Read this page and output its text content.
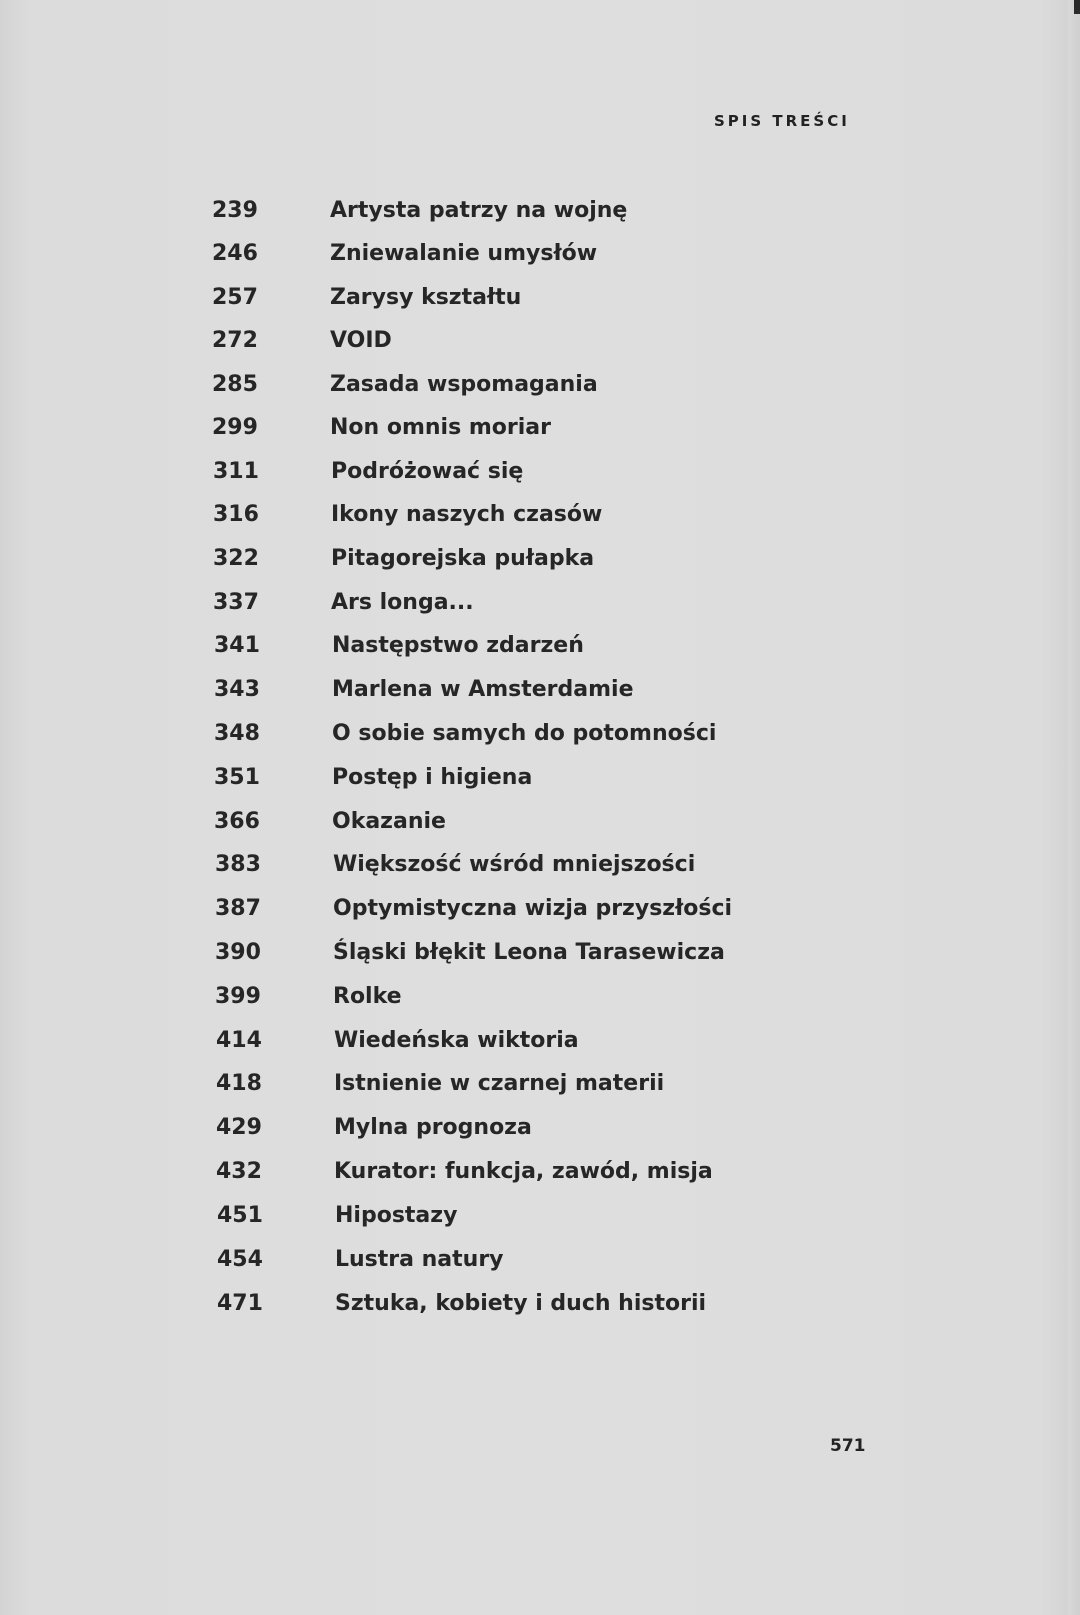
SPIS TREŚCI
239	Artysta patrzy na wojnę
246	Zniewalanie umysłów
257	Zarysy kształtu
272	VOID
285	Zasada wspomagania
299	Non omnis moriar
311	Podróżować się
316	Ikony naszych czasów
322	Pitagorejska pułapka
337	Ars longa...
341	Następstwo zdarzeń
343	Marlena w Amsterdamie
348	O sobie samych do potomności
351	Postęp i higiena
366	Okazanie
383	Większość wśród mniejszości
387	Optymistyczna wizja przyszłości
390	Śląski błękit Leona Tarasewicza
399	Rolke
414	Wiedeńska wiktoria
418	Istnienie w czarnej materii
429	Mylna prognoza
432	Kurator: funkcja, zawód, misja
451	Hipostazy
454	Lustra natury
471	Sztuka, kobiety i duch historii
571
